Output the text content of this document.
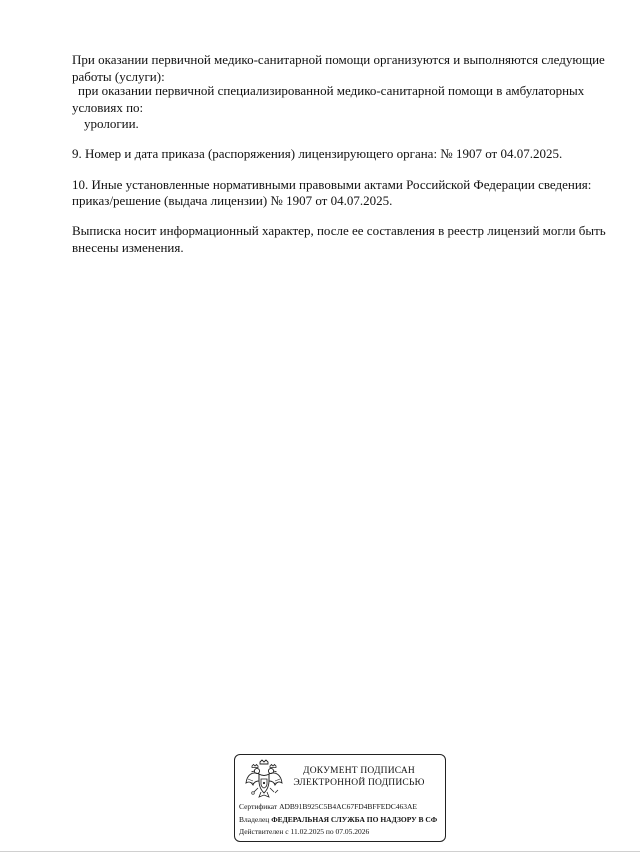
При оказании первичной медико-санитарной помощи организуются и выполняются следующие

работы (услуги):

при оказании первичной специализированной медико-санитарной помощи в амбулаторных

условиях по:

урологии.

9. Номер и дата приказа (распоряжения) лицензирующего органа: № 1907 от 04.07.2025.

10. Иные установленные нормативными правовыми актами Российской Федерации сведения:

приказ/решение (выдача лицензии) № 1907 от 04.07.2025.

Выписка носит информационный характер, после ее составления в реестр лицензий могли быть

внесены изменения.

ДОКУМЕНТ ПОДПИСАН
ЭЛЕКТРОННОЙ ПОДПИСЬЮ
Сертификат ADB91B925C5B4AC67FD4BFFEDC463AE
Владелец ФЕДЕРАЛЬНАЯ СЛУЖБА ПО НАДЗОРУ В СФ
Действителен с 11.02.2025 по 07.05.2026
